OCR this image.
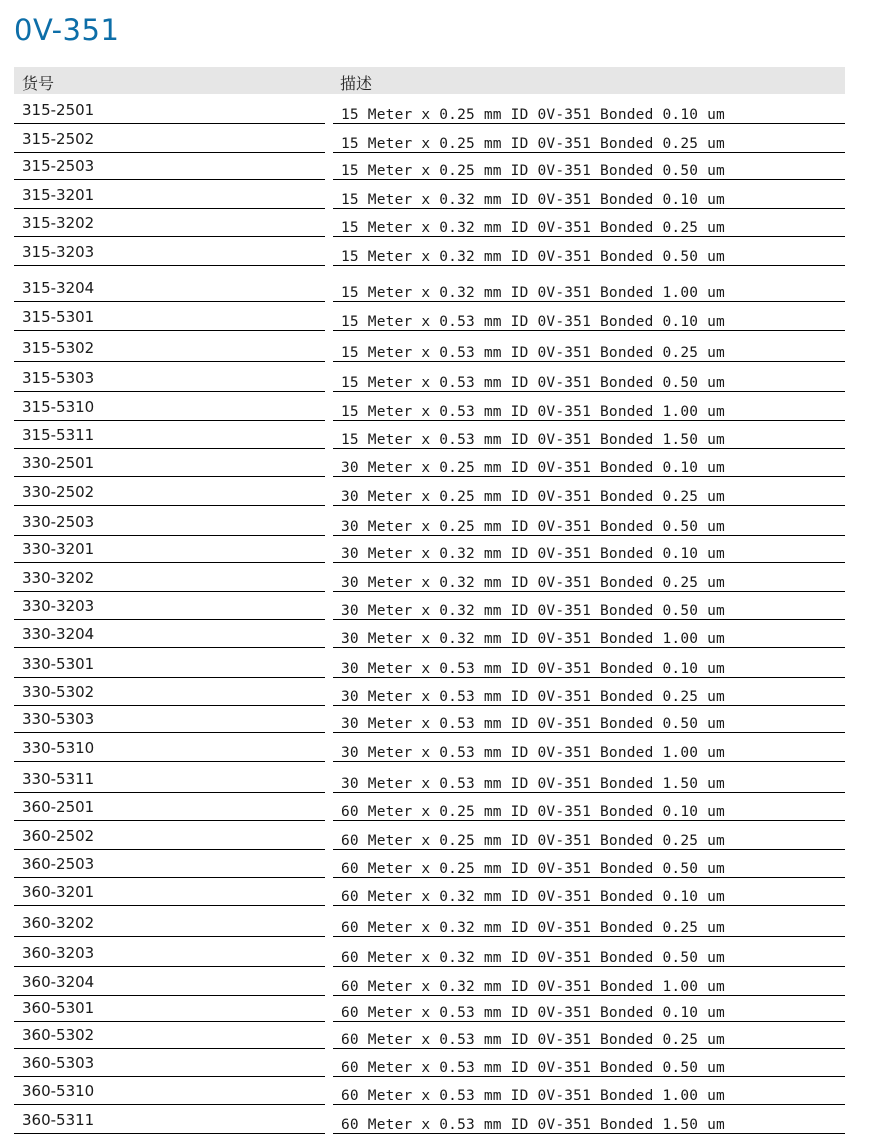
0V-351
货号	描述
315-2501	15 Meter x 0.25 mm ID 0V-351 Bonded 0.10 um
315-2502	15 Meter x 0.25 mm ID 0V-351 Bonded 0.25 um
315-2503	15 Meter x 0.25 mm ID 0V-351 Bonded 0.50 um
315-3201	15 Meter x 0.32 mm ID 0V-351 Bonded 0.10 um
315-3202	15 Meter x 0.32 mm ID 0V-351 Bonded 0.25 um
315-3203	15 Meter x 0.32 mm ID 0V-351 Bonded 0.50 um
315-3204	15 Meter x 0.32 mm ID 0V-351 Bonded 1.00 um
315-5301	15 Meter x 0.53 mm ID 0V-351 Bonded 0.10 um
315-5302	15 Meter x 0.53 mm ID 0V-351 Bonded 0.25 um
315-5303	15 Meter x 0.53 mm ID 0V-351 Bonded 0.50 um
315-5310	15 Meter x 0.53 mm ID 0V-351 Bonded 1.00 um
315-5311	15 Meter x 0.53 mm ID 0V-351 Bonded 1.50 um
330-2501	30 Meter x 0.25 mm ID 0V-351 Bonded 0.10 um
330-2502	30 Meter x 0.25 mm ID 0V-351 Bonded 0.25 um
330-2503	30 Meter x 0.25 mm ID 0V-351 Bonded 0.50 um
330-3201	30 Meter x 0.32 mm ID 0V-351 Bonded 0.10 um
330-3202	30 Meter x 0.32 mm ID 0V-351 Bonded 0.25 um
330-3203	30 Meter x 0.32 mm ID 0V-351 Bonded 0.50 um
330-3204	30 Meter x 0.32 mm ID 0V-351 Bonded 1.00 um
330-5301	30 Meter x 0.53 mm ID 0V-351 Bonded 0.10 um
330-5302	30 Meter x 0.53 mm ID 0V-351 Bonded 0.25 um
330-5303	30 Meter x 0.53 mm ID 0V-351 Bonded 0.50 um
330-5310	30 Meter x 0.53 mm ID 0V-351 Bonded 1.00 um
330-5311	30 Meter x 0.53 mm ID 0V-351 Bonded 1.50 um
360-2501	60 Meter x 0.25 mm ID 0V-351 Bonded 0.10 um
360-2502	60 Meter x 0.25 mm ID 0V-351 Bonded 0.25 um
360-2503	60 Meter x 0.25 mm ID 0V-351 Bonded 0.50 um
360-3201	60 Meter x 0.32 mm ID 0V-351 Bonded 0.10 um
360-3202	60 Meter x 0.32 mm ID 0V-351 Bonded 0.25 um
360-3203	60 Meter x 0.32 mm ID 0V-351 Bonded 0.50 um
360-3204	60 Meter x 0.32 mm ID 0V-351 Bonded 1.00 um
360-5301	60 Meter x 0.53 mm ID 0V-351 Bonded 0.10 um
360-5302	60 Meter x 0.53 mm ID 0V-351 Bonded 0.25 um
360-5303	60 Meter x 0.53 mm ID 0V-351 Bonded 0.50 um
360-5310	60 Meter x 0.53 mm ID 0V-351 Bonded 1.00 um
360-5311	60 Meter x 0.53 mm ID 0V-351 Bonded 1.50 um
